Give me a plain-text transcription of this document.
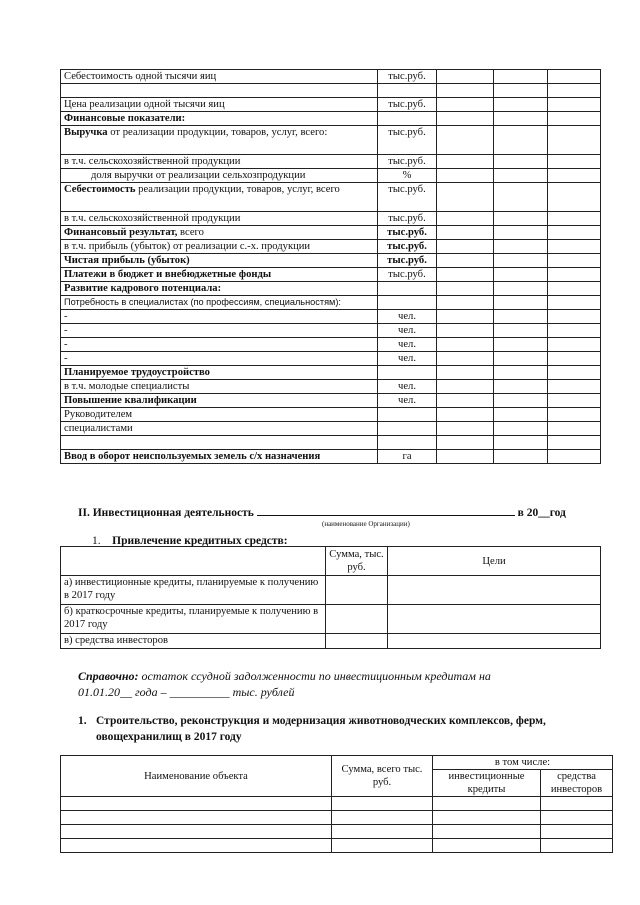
Себестоимость одной тысячи яиц	тыс.руб.			

Цена реализации одной тысячи яиц	тыс.руб.			
Финансовые показатели:				
Выручка от реализации продукции, товаров, услуг, всего:	тыс.руб.			
в т.ч. сельскохозяйственной продукции	тыс.руб.			
доля выручки от реализации сельхозпродукции	%			
Себестоимость реализации продукции, товаров, услуг, всего	тыс.руб.			
в т.ч. сельскохозяйственной продукции	тыс.руб.			
Финансовый результат, всего	тыс.руб.			
в т.ч. прибыль (убыток) от реализации с.-х. продукции	тыс.руб.			
Чистая прибыль (убыток)	тыс.руб.			
Платежи в бюджет и внебюджетные фонды	тыс.руб.			
Развитие кадрового потенциала:				
Потребность в специалистах (по профессиям, специальностям):				
-	чел.			
-	чел.			
-	чел.			
-	чел.			
Планируемое трудоустройство				
в т.ч. молодые специалисты	чел.			
Повышение квалификации	чел.			
Руководителем				
специалистами				

Ввод в оборот неиспользуемых земель с/х назначения	га			
II. Инвестиционная деятельность	в 20__год
(наименование Организации)
1. Привлечение кредитных средств:
	Сумма, тыс. руб.	Цели
а) инвестиционные кредиты, планируемые к получению в 2017 году		
б) краткосрочные кредиты, планируемые к получению в 2017 году		
в) средства инвесторов		
Справочно: остаток ссудной задолженности по инвестиционным кредитам на
01.01.20__ года – __________ тыс. рублей
1. Строительство, реконструкция и модернизация животноводческих комплексов, ферм, овощехранилищ в 2017 году
Наименование объекта	Сумма, всего тыс. руб.	в том числе:	
		инвестиционные кредиты	средства инвесторов
